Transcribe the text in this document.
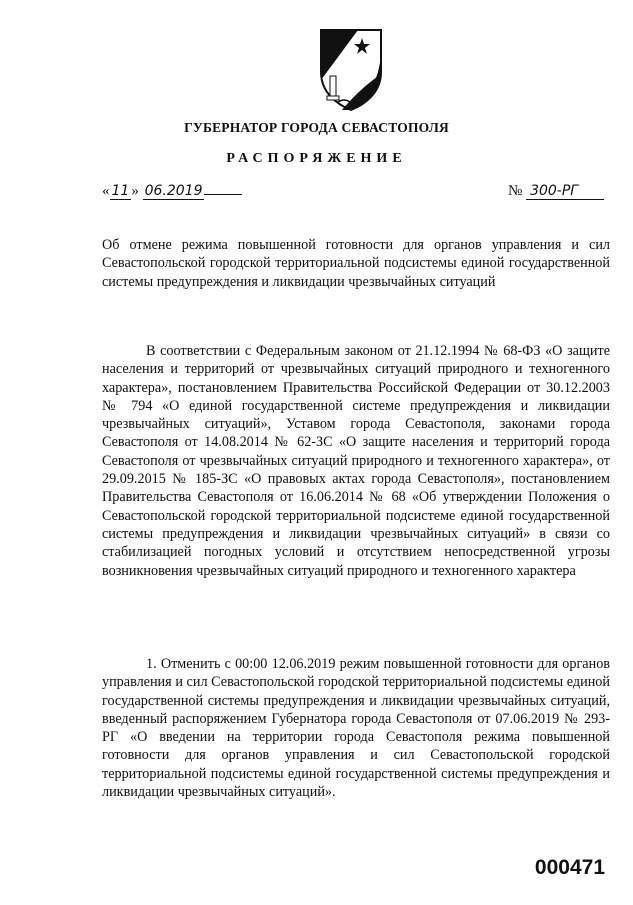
ГУБЕРНАТОР ГОРОДА СЕВАСТОПОЛЯ
РАСПОРЯЖЕНИЕ
« 11 » 06.2019	№ 300-РГ
Об отмене режима повышенной готовности для органов управления и сил Севастопольской городской территориальной подсистемы единой государственной системы предупреждения и ликвидации чрезвычайных ситуаций
В соответствии с Федеральным законом от 21.12.1994 № 68-ФЗ «О защите населения и территорий от чрезвычайных ситуаций природного и техногенного характера», постановлением Правительства Российской Федерации от 30.12.2003 № 794 «О единой государственной системе предупреждения и ликвидации чрезвычайных ситуаций», Уставом города Севастополя, законами города Севастополя от 14.08.2014 № 62-ЗС «О защите населения и территорий города Севастополя от чрезвычайных ситуаций природного и техногенного характера», от 29.09.2015 № 185-ЗС «О правовых актах города Севастополя», постановлением Правительства Севастополя от 16.06.2014 № 68 «Об утверждении Положения о Севастопольской городской территориальной подсистеме единой государственной системы предупреждения и ликвидации чрезвычайных ситуаций» в связи со стабилизацией погодных условий и отсутствием непосредственной угрозы возникновения чрезвычайных ситуаций природного и техногенного характера
1. Отменить с 00:00 12.06.2019 режим повышенной готовности для органов управления и сил Севастопольской городской территориальной подсистемы единой государственной системы предупреждения и ликвидации чрезвычайных ситуаций, введенный распоряжением Губернатора города Севастополя от 07.06.2019 № 293-РГ «О введении на территории города Севастополя режима повышенной готовности для органов управления и сил Севастопольской городской территориальной подсистемы единой государственной системы предупреждения и ликвидации чрезвычайных ситуаций».
000471
